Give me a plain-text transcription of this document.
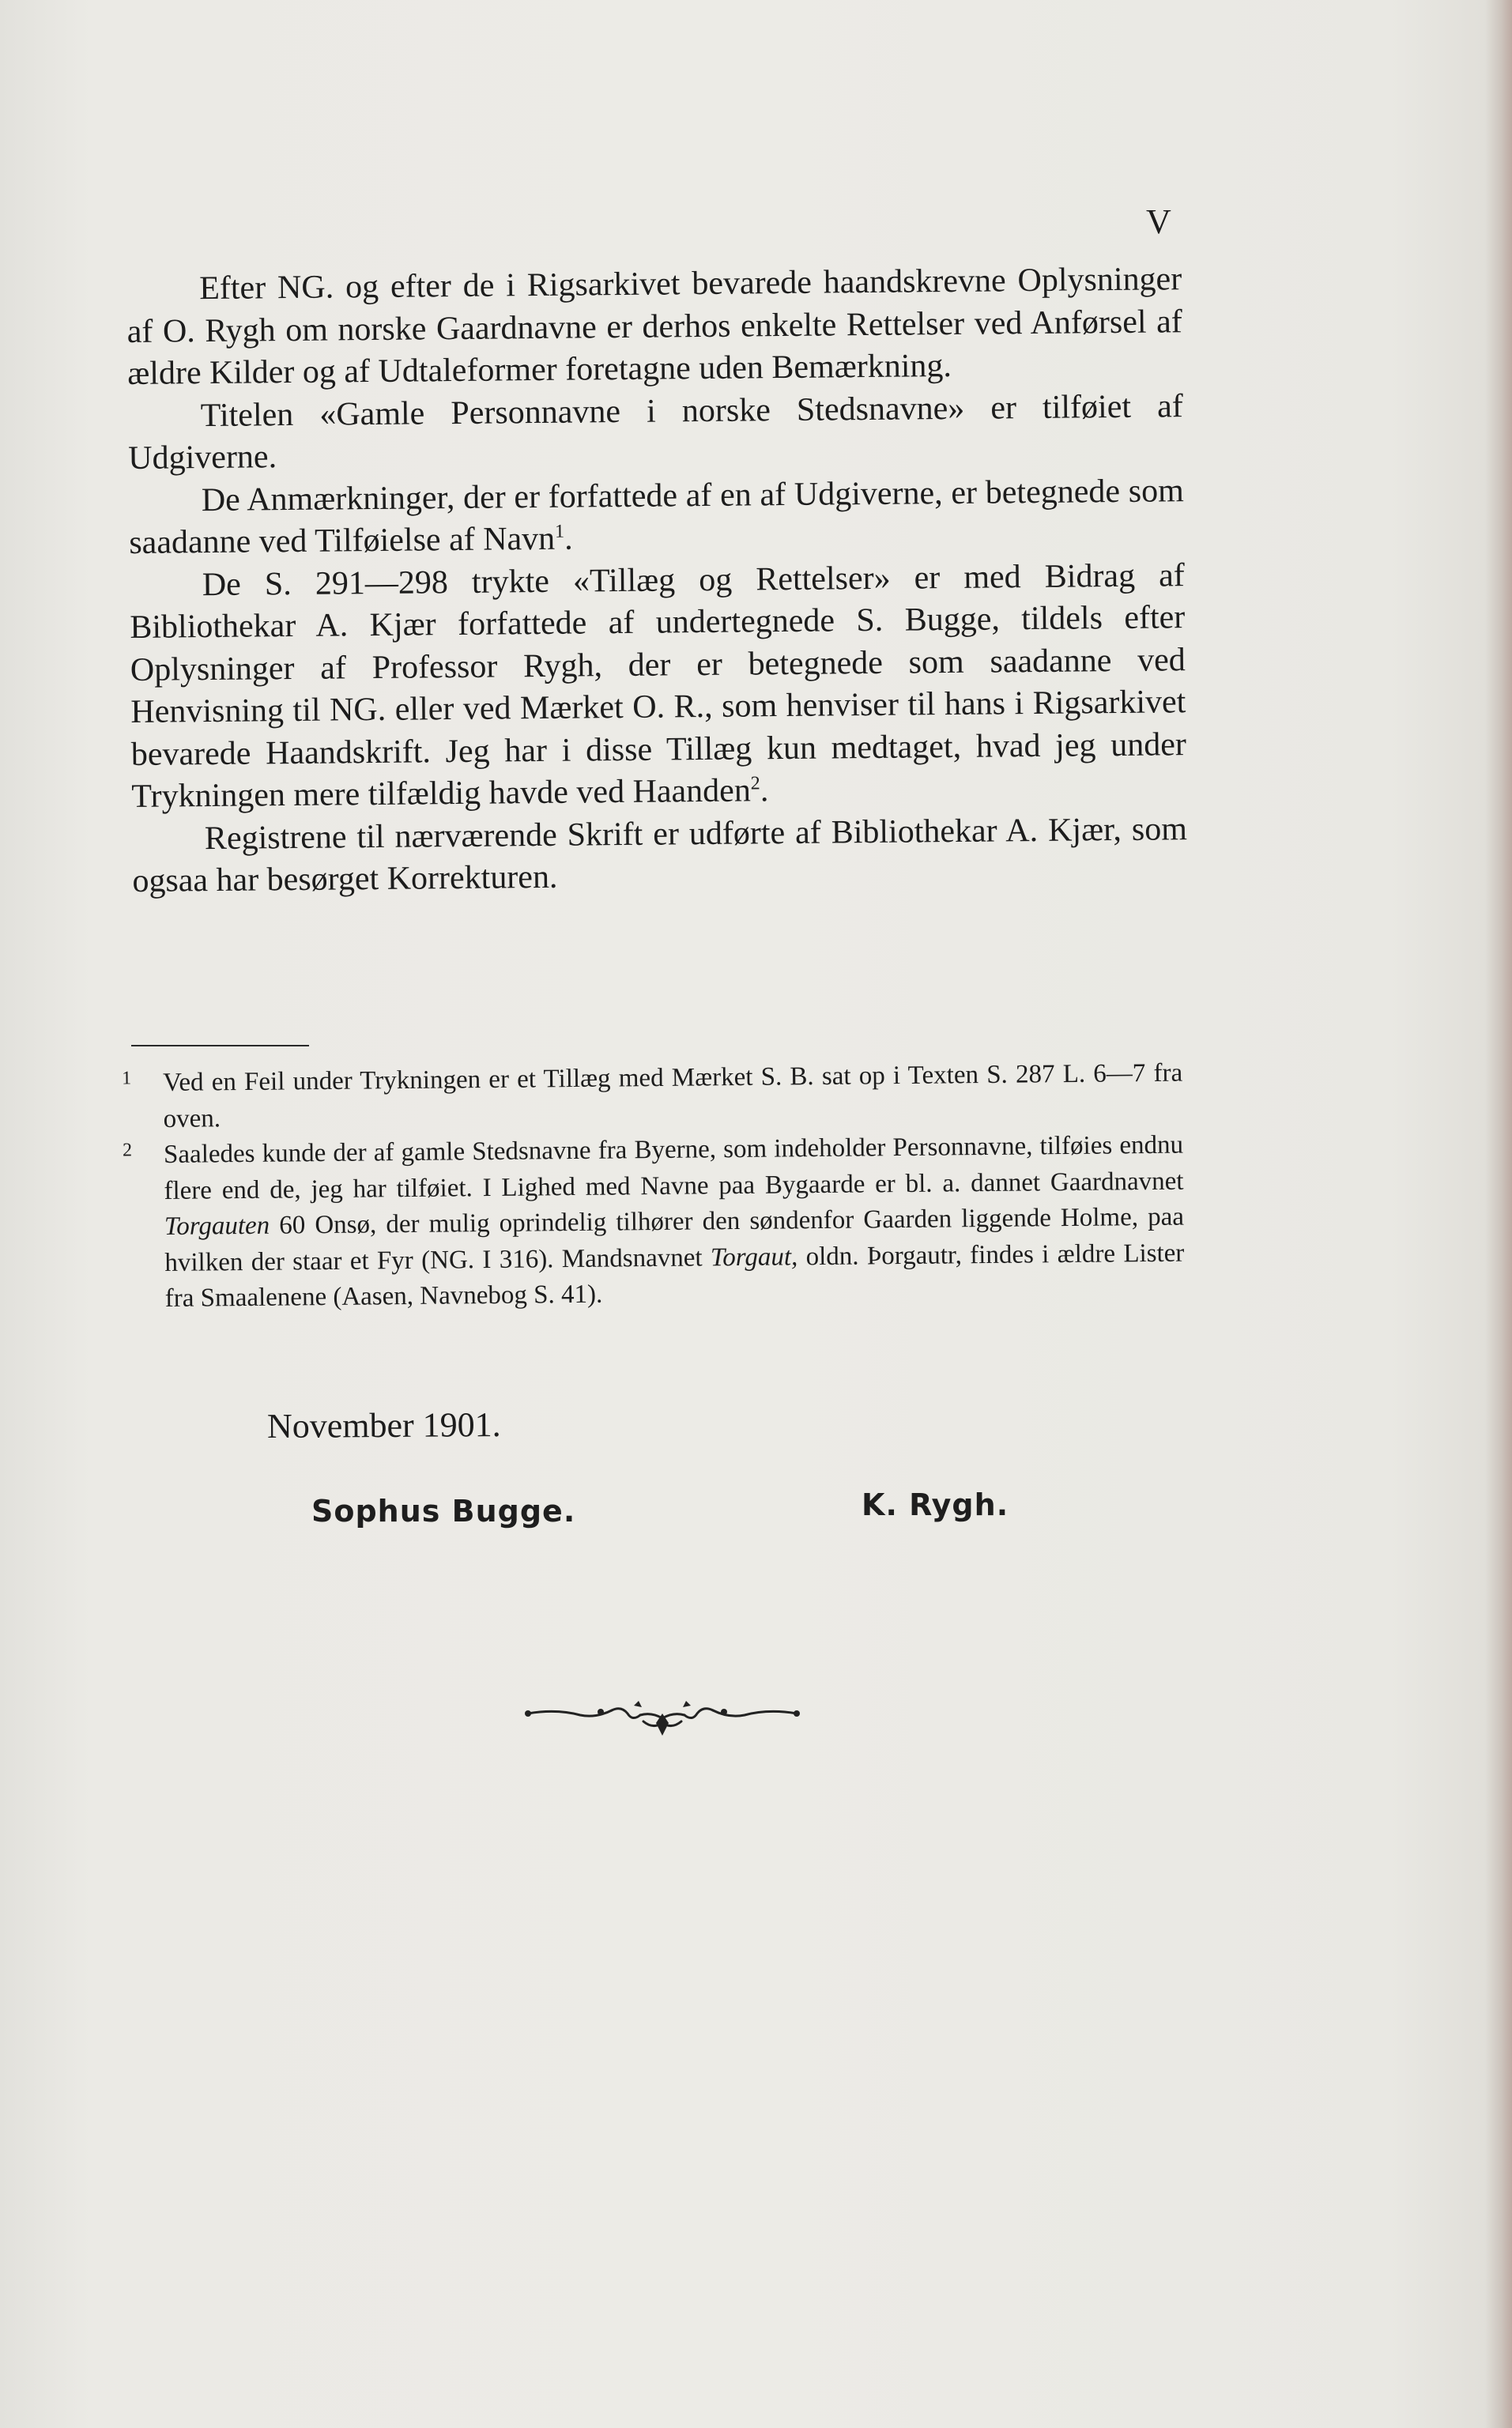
V

Efter NG. og efter de i Rigsarkivet bevarede haandskrevne Oplysninger af O. Rygh om norske Gaardnavne er derhos enkelte Rettelser ved Anførsel af ældre Kilder og af Udtaleformer foretagne uden Bemærkning.

Titelen «Gamle Personnavne i norske Stedsnavne» er tilføiet af Udgiverne.

De Anmærkninger, der er forfattede af en af Udgiverne, er betegnede som saadanne ved Tilføielse af Navn$^1$.

De S. 291—298 trykte «Tillæg og Rettelser» er med Bidrag af Bibliothekar A. Kjær forfattede af undertegnede S. Bugge, tildels efter Oplysninger af Professor Rygh, der er betegnede som saadanne ved Henvisning til NG. eller ved Mærket O. R., som henviser til hans i Rigsarkivet bevarede Haandskrift. Jeg har i disse Tillæg kun medtaget, hvad jeg under Trykningen mere tilfældig havde ved Haanden$^2$.

Registrene til nærværende Skrift er udførte af Bibliothekar A. Kjær, som ogsaa har besørget Korrekturen.

1 Ved en Feil under Trykningen er et Tillæg med Mærket S. B. sat op i Texten S. 287 L. 6—7 fra oven.
2 Saaledes kunde der af gamle Stedsnavne fra Byerne, som indeholder Personnavne, tilføies endnu flere end de, jeg har tilføiet. I Lighed med Navne paa Bygaarde er bl. a. dannet Gaardnavnet Torgauten 60 Onsø, der mulig oprindelig tilhører den søndenfor Gaarden liggende Holme, paa hvilken der staar et Fyr (NG. I 316). Mandsnavnet Torgaut, oldn. Þorgautr, findes i ældre Lister fra Smaalenene (Aasen, Navnebog S. 41).
November 1901.
Sophus Bugge.	K. Rygh.
